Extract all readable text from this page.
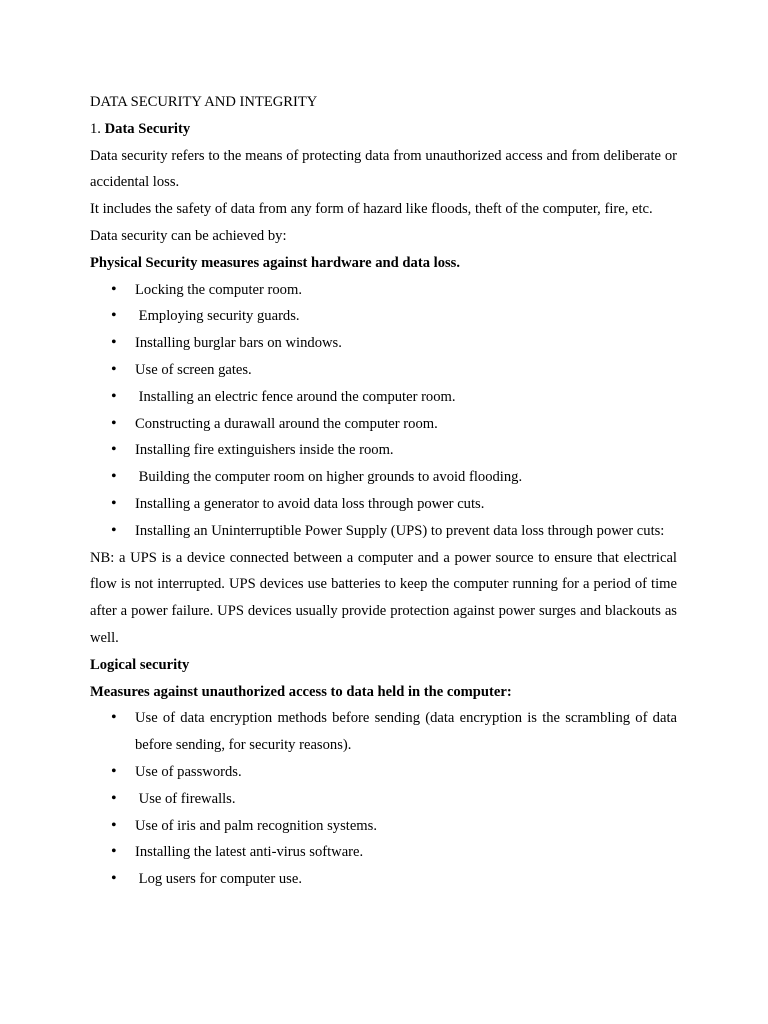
DATA SECURITY AND INTEGRITY

1. Data Security

Data security refers to the means of protecting data from unauthorized access and from deliberate or accidental loss.

It includes the safety of data from any form of hazard like floods, theft of the computer, fire, etc.

Data security can be achieved by:

Physical Security measures against hardware and data loss.

• Locking the computer room.
• Employing security guards.
• Installing burglar bars on windows.
• Use of screen gates.
• Installing an electric fence around the computer room.
• Constructing a durawall around the computer room.
• Installing fire extinguishers inside the room.
• Building the computer room on higher grounds to avoid flooding.
• Installing a generator to avoid data loss through power cuts.
• Installing an Uninterruptible Power Supply (UPS) to prevent data loss through power cuts:

NB: a UPS is a device connected between a computer and a power source to ensure that electrical flow is not interrupted. UPS devices use batteries to keep the computer running for a period of time after a power failure. UPS devices usually provide protection against power surges and blackouts as well.

Logical security

Measures against unauthorized access to data held in the computer:

• Use of data encryption methods before sending (data encryption is the scrambling of data before sending, for security reasons).
• Use of passwords.
• Use of firewalls.
• Use of iris and palm recognition systems.
• Installing the latest anti-virus software.
• Log users for computer use.
